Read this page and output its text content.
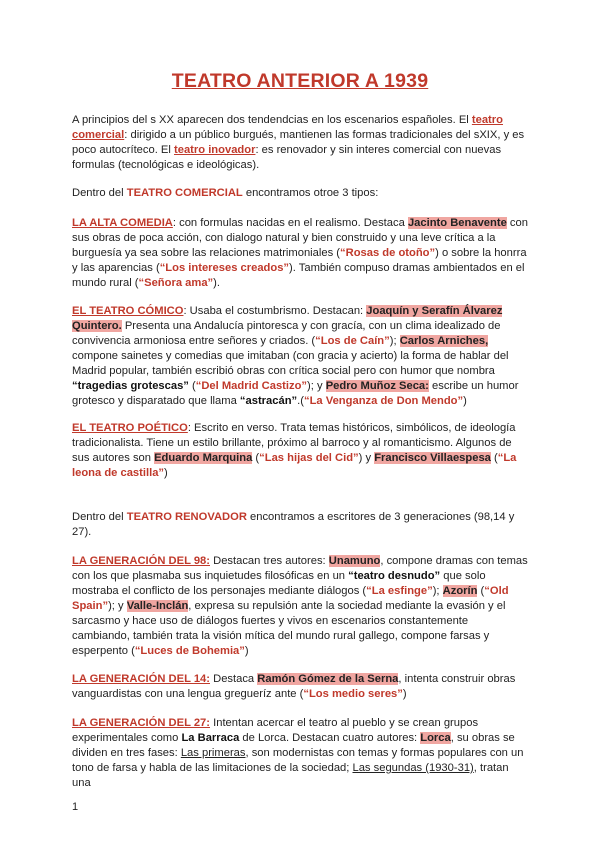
TEATRO ANTERIOR A 1939

A principios del s XX aparecen dos tendendcias en los escenarios españoles. El teatro comercial: dirigido a un público burgués, mantienen las formas tradicionales del sXIX, y es poco autocríteco. El teatro inovador: es renovador y sin interes comercial con nuevas formulas (tecnológicas e ideológicas).

Dentro del TEATRO COMERCIAL encontramos otroe 3 tipos:

LA ALTA COMEDIA: con formulas nacidas en el realismo. Destaca Jacinto Benavente con sus obras de poca acción, con dialogo natural y bien construido y una leve crítica a la burguesía ya sea sobre las relaciones matrimoniales (“Rosas de otoño”) o sobre la honrra y las aparencias (“Los intereses creados”). También compuso dramas ambientados en el mundo rural (“Señora ama”).

EL TEATRO CÓMICO: Usaba el costumbrismo. Destacan: Joaquín y Serafín Álvarez Quintero. Presenta una Andalucía pintoresca y con gracía, con un clima idealizado de convivencia armoniosa entre señores y criados. (“Los de Caín”); Carlos Arniches, compone sainetes y comedias que imitaban (con gracia y acierto) la forma de hablar del Madrid popular, también escribió obras con crítica social pero con humor que nombra “tragedias grotescas” (“Del Madrid Castizo”); y Pedro Muñoz Seca: escribe un humor grotesco y disparatado que llama “astracán”.(“La Venganza de Don Mendo”)

EL TEATRO POÉTICO: Escrito en verso. Trata temas históricos, simbólicos, de ideología tradicionalista. Tiene un estilo brillante, próximo al barroco y al romanticismo. Algunos de sus autores son Eduardo Marquina (“Las hijas del Cid”) y Francisco Villaespesa (“La leona de castilla”)

Dentro del TEATRO RENOVADOR encontramos a escritores de 3 generaciones (98,14 y 27).

LA GENERACIÓN DEL 98: Destacan tres autores: Unamuno, compone dramas con temas con los que plasmaba sus inquietudes filosóficas en un “teatro desnudo” que solo mostraba el conflicto de los personajes mediante diálogos (“La esfinge”); Azorín (“Old Spain”); y Valle-Inclán, expresa su repulsión ante la sociedad mediante la evasión y el sarcasmo y hace uso de diálogos fuertes y vivos en escenarios constantemente cambiando, también trata la visión mítica del mundo rural gallego, compone farsas y esperpento (“Luces de Bohemia”)

LA GENERACIÓN DEL 14: Destaca Ramón Gómez de la Serna, intenta construir obras vanguardistas con una lengua gregueríz ante (“Los medio seres”)

LA GENERACIÓN DEL 27: Intentan acercar el teatro al pueblo y se crean grupos experimentales como La Barraca de Lorca. Destacan cuatro autores: Lorca, su obras se dividen en tres fases: Las primeras, son modernistas con temas y formas populares con un tono de farsa y habla de las limitaciones de la sociedad; Las segundas (1930-31), tratan una

1
